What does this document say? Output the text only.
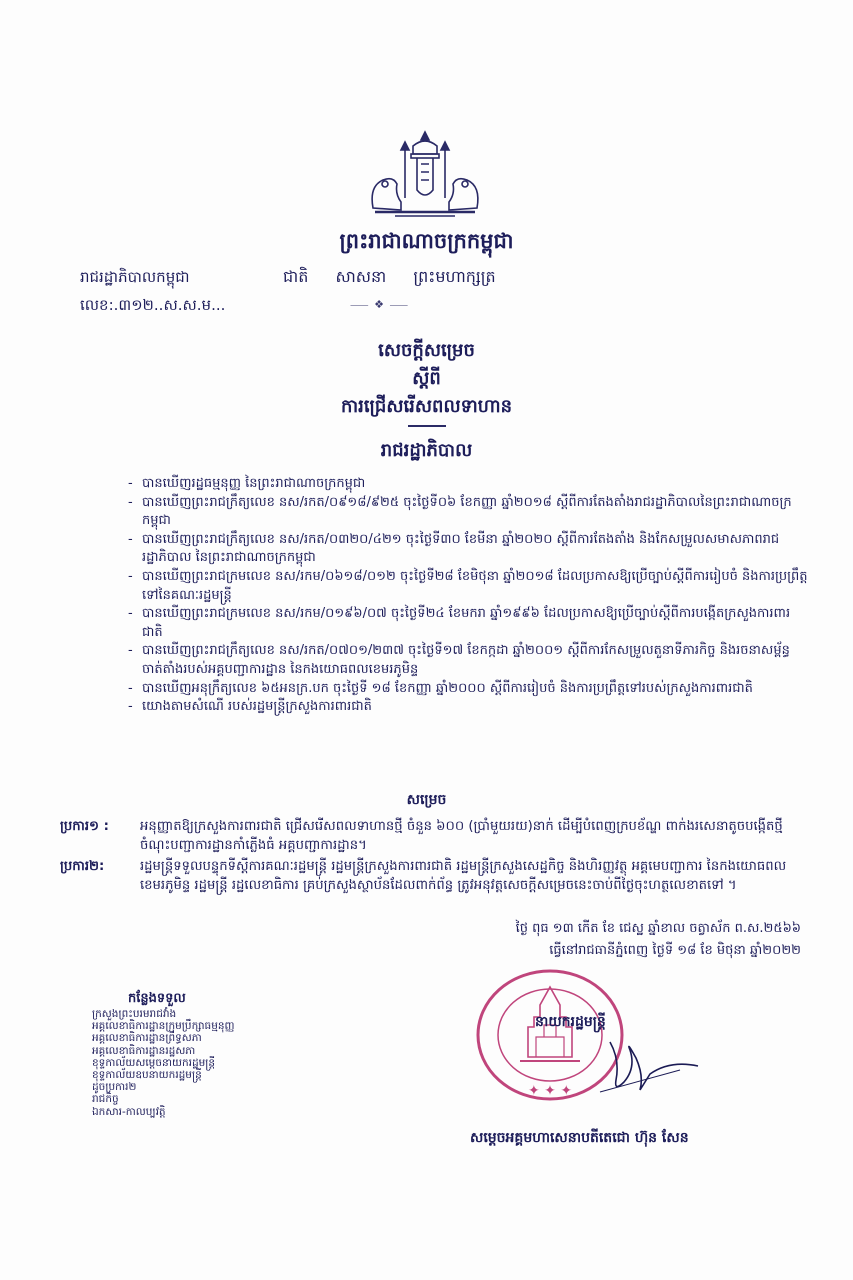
ព្រះរាជាណាចក្រកម្ពុជា
រាជរដ្ឋាភិបាលកម្ពុជា	ជាតិ សាសនា ព្រះមហាក្សត្រ
លេខ:.៣១២..ស.ស.ម...	⸺ ❖ ⸺
សេចក្ដីសម្រេច
ស្ដីពី
ការជ្រើសរើសពលទាហាន
រាជរដ្ឋាភិបាល
- បានឃើញរដ្ឋធម្មនុញ្ញ នៃព្រះរាជាណាចក្រកម្ពុជា
- បានឃើញព្រះរាជក្រឹត្យលេខ នស/រកត/០៩១៨/៩២៥ ចុះថ្ងៃទី០៦ ខែកញ្ញា ឆ្នាំ២០១៨ ស្ដីពីការតែងតាំងរាជរដ្ឋាភិបាលនៃព្រះរាជាណាចក្រកម្ពុជា
- បានឃើញព្រះរាជក្រឹត្យលេខ នស/រកត/០៣២០/៤២១ ចុះថ្ងៃទី៣០ ខែមីនា ឆ្នាំ២០២០ ស្ដីពីការតែងតាំង និងកែសម្រួលសមាសភាពរាជរដ្ឋាភិបាល នៃព្រះរាជាណាចក្រកម្ពុជា
- បានឃើញព្រះរាជក្រមលេខ នស/រកម/០៦១៨/០១២ ចុះថ្ងៃទី២៨ ខែមិថុនា ឆ្នាំ២០១៨ ដែលប្រកាសឱ្យប្រើច្បាប់ស្ដីពីការរៀបចំ និងការប្រព្រឹត្តទៅនៃគណៈរដ្ឋមន្ត្រី
- បានឃើញព្រះរាជក្រមលេខ នស/រកម/០១៩៦/០៧ ចុះថ្ងៃទី២៤ ខែមករា ឆ្នាំ១៩៩៦ ដែលប្រកាសឱ្យប្រើច្បាប់ស្ដីពីការបង្កើតក្រសួងការពារជាតិ
- បានឃើញព្រះរាជក្រឹត្យលេខ នស/រកត/០៧០១/២៣៧ ចុះថ្ងៃទី១៧ ខែកក្កដា ឆ្នាំ២០០១ ស្ដីពីការកែសម្រួលតួនាទីភារកិច្ច និងរចនាសម្ព័ន្ធចាត់តាំងរបស់អគ្គបញ្ជាការដ្ឋាន នៃកងយោធពលខេមរភូមិន្ទ
- បានឃើញអនុក្រឹត្យលេខ ៦៥អនក្រ.បក ចុះថ្ងៃទី ១៨ ខែកញ្ញា ឆ្នាំ២០០០ ស្ដីពីការរៀបចំ និងការប្រព្រឹត្តទៅរបស់ក្រសួងការពារជាតិ
- យោងតាមសំណើ របស់រដ្ឋមន្ត្រីក្រសួងការពារជាតិ
សម្រេច
ប្រការ១ : អនុញ្ញាតឱ្យក្រសួងការពារជាតិ ជ្រើសរើសពលទាហានថ្មី ចំនួន ៦០០ (ប្រាំមួយរយ)នាក់ ដើម្បីបំពេញក្របខ័ណ្ឌ ពាក់ងរសេនាតូចបង្កើតថ្មី ចំណុះបញ្ជាការដ្ឋានកាំភ្លើងធំ អគ្គបញ្ជាការដ្ឋាន។
ប្រការ២:	រដ្ឋមន្ត្រីទទួលបន្ទុកទីស្ដីការគណៈរដ្ឋមន្ត្រី រដ្ឋមន្ត្រីក្រសួងការពារជាតិ រដ្ឋមន្ត្រីក្រសួងសេដ្ឋកិច្ច និងហិរញ្ញវត្ថុ អគ្គមេបញ្ជាការ នៃកងយោធពលខេមរភូមិន្ទ រដ្ឋមន្ត្រី រដ្ឋលេខាធិការ គ្រប់ក្រសួងស្ថាប័នដែលពាក់ព័ន្ធ ត្រូវអនុវត្តសេចក្ដីសម្រេចនេះចាប់ពីថ្ងៃចុះហត្ថលេខាតទៅ ។
ថ្ងៃ ពុធ ១៣ កើត ខែ ជេស្ឋ ឆ្នាំខាល ចត្វាស័ក ព.ស.២៥៦៦
ធ្វើនៅរាជធានីភ្នំពេញ ថ្ងៃទី ១៨ ខែ មិថុនា ឆ្នាំ២០២២
កន្លែងទទួល
ក្រសួងព្រះបរមរាជវាំង
អគ្គលេខាធិការដ្ឋានក្រុមប្រឹក្សាធម្មនុញ្ញ
អគ្គលេខាធិការដ្ឋានព្រឹទ្ធសភា
អគ្គលេខាធិការដ្ឋានរដ្ឋសភា
ខុទ្ទកាល័យសម្ដេចនាយករដ្ឋមន្ត្រី
ខុទ្ទកាល័យឧបនាយករដ្ឋមន្ត្រី
ដូចប្រការ២
រាជកិច្ច
ឯកសារ-កាលប្បវត្តិ
✦ ✦ ✦
នាយករដ្ឋមន្ត្រី
សម្ដេចអគ្គមហាសេនាបតីតេជោ ហ៊ុន សែន
